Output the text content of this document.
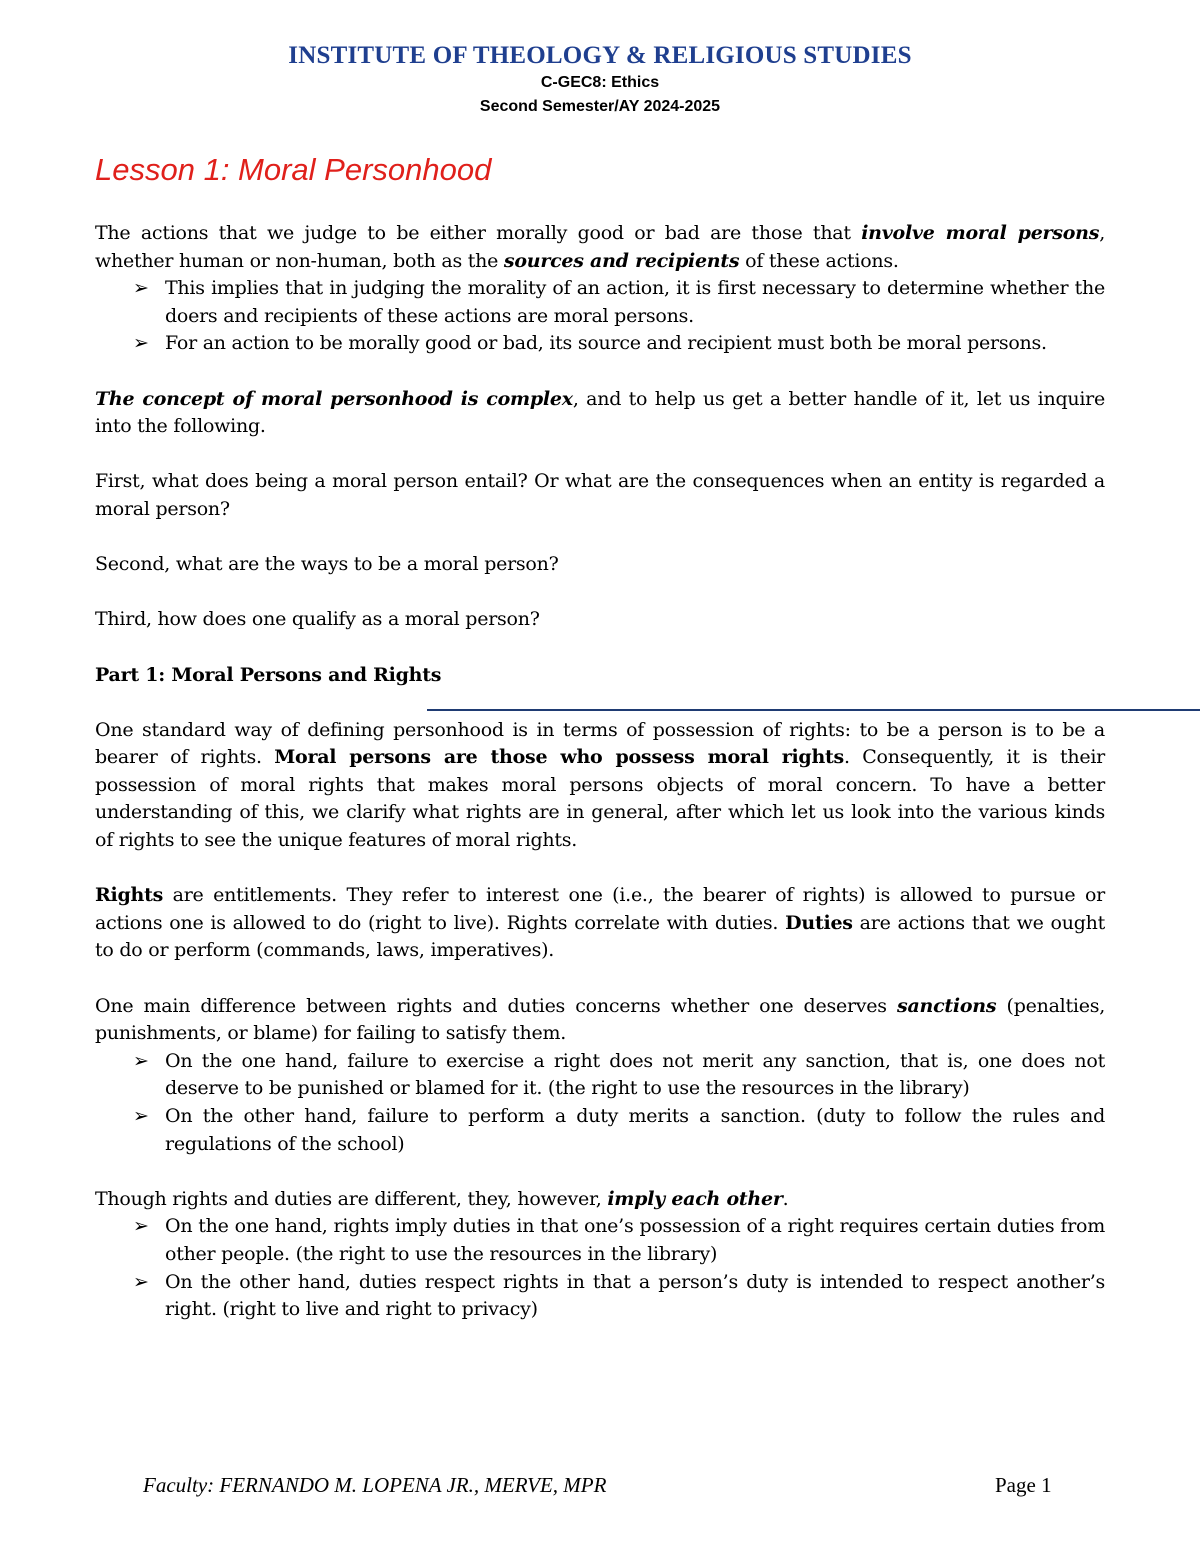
INSTITUTE OF THEOLOGY & RELIGIOUS STUDIES
C-GEC8: Ethics
Second Semester/AY 2024-2025
Lesson 1: Moral Personhood

The actions that we judge to be either morally good or bad are those that involve moral persons, whether human or non-human, both as the sources and recipients of these actions.

➢ This implies that in judging the morality of an action, it is first necessary to determine whether the doers and recipients of these actions are moral persons.
➢ For an action to be morally good or bad, its source and recipient must both be moral persons.

The concept of moral personhood is complex, and to help us get a better handle of it, let us inquire into the following.

First, what does being a moral person entail? Or what are the consequences when an entity is regarded a moral person?

Second, what are the ways to be a moral person?

Third, how does one qualify as a moral person?

Part 1: Moral Persons and Rights

One standard way of defining personhood is in terms of possession of rights: to be a person is to be a bearer of rights. Moral persons are those who possess moral rights. Consequently, it is their possession of moral rights that makes moral persons objects of moral concern. To have a better understanding of this, we clarify what rights are in general, after which let us look into the various kinds of rights to see the unique features of moral rights.

Rights are entitlements. They refer to interest one (i.e., the bearer of rights) is allowed to pursue or actions one is allowed to do (right to live). Rights correlate with duties. Duties are actions that we ought to do or perform (commands, laws, imperatives).

One main difference between rights and duties concerns whether one deserves sanctions (penalties, punishments, or blame) for failing to satisfy them.

➢ On the one hand, failure to exercise a right does not merit any sanction, that is, one does not deserve to be punished or blamed for it. (the right to use the resources in the library)
➢ On the other hand, failure to perform a duty merits a sanction. (duty to follow the rules and regulations of the school)

Though rights and duties are different, they, however, imply each other.

➢ On the one hand, rights imply duties in that one’s possession of a right requires certain duties from other people. (the right to use the resources in the library)
➢ On the other hand, duties respect rights in that a person’s duty is intended to respect another’s right. (right to live and right to privacy)
Faculty: FERNANDO M. LOPENA JR., MERVE, MPR	Page 1
